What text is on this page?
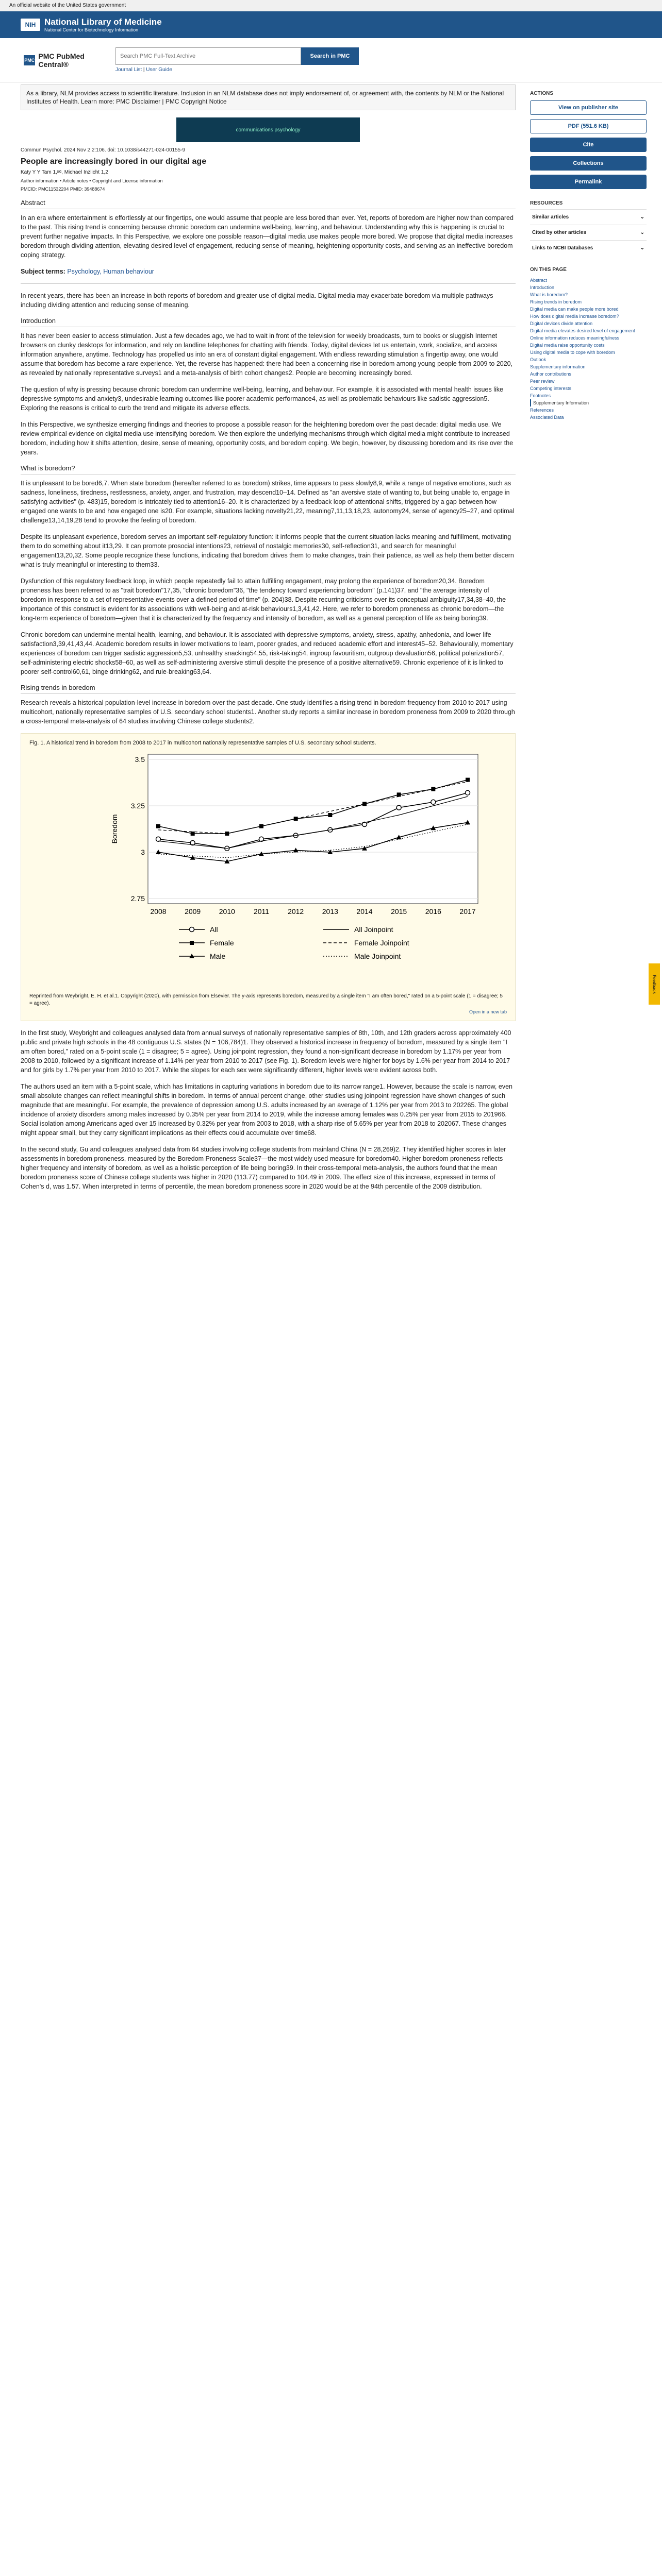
An official website of the United States government
NIH National Library of Medicine
National Center for Biotechnology Information
PMC PMC PubMed Central®
Search PMC Full-Text Archive
Search in PMC
Journal List | User Guide
As a library, NLM provides access to scientific literature. Inclusion in an NLM database does not imply endorsement of, or agreement with, the contents by NLM or the National Institutes of Health. Learn more: PMC Disclaimer | PMC Copyright Notice
communications psychology
Commun Psychol. 2024 Nov 2;2:106. doi: 10.1038/s44271-024-00155-9
People are increasingly bored in our digital age
Katy Y Y Tam 1,✉, Michael Inzlicht 1,2
Author information • Article notes • Copyright and License information
PMCID: PMC11532204 PMID: 39488674
Abstract

In an era where entertainment is effortlessly at our fingertips, one would assume that people are less bored than ever. Yet, reports of boredom are higher now than compared to the past. This rising trend is concerning because chronic boredom can undermine well-being, learning, and behaviour. Understanding why this is happening is crucial to prevent further negative impacts. In this Perspective, we explore one possible reason—digital media use makes people more bored. We propose that digital media increases boredom through dividing attention, elevating desired level of engagement, reducing sense of meaning, heightening opportunity costs, and serving as an ineffective boredom coping strategy.

Subject terms: Psychology, Human behaviour

In recent years, there has been an increase in both reports of boredom and greater use of digital media. Digital media may exacerbate boredom via multiple pathways including dividing attention and reducing sense of meaning.

Introduction

It has never been easier to access stimulation. Just a few decades ago, we had to wait in front of the television for weekly broadcasts, turn to books or sluggish Internet browsers on clunky desktops for information, and rely on landline telephones for chatting with friends. Today, digital devices let us entertain, work, socialize, and access information anywhere, anytime. Technology has propelled us into an era of constant digital engagement. With endless rewarding stimulation a fingertip away, one would assume that boredom has become a rare experience. Yet, the reverse has happened: there had been a concerning rise in boredom among young people from 2009 to 2020, as revealed by nationally representative surveys1 and a meta-analysis of birth cohort changes2. People are becoming increasingly bored.

The question of why is pressing because chronic boredom can undermine well-being, learning, and behaviour. For example, it is associated with mental health issues like depressive symptoms and anxiety3, undesirable learning outcomes like poorer academic performance4, as well as problematic behaviours like sadistic aggression5. Exploring the reasons is critical to curb the trend and mitigate its adverse effects.

In this Perspective, we synthesize emerging findings and theories to propose a possible reason for the heightening boredom over the past decade: digital media use. We review empirical evidence on digital media use intensifying boredom. We then explore the underlying mechanisms through which digital media might contribute to increased boredom, including how it shifts attention, desire, sense of meaning, opportunity costs, and boredom coping. We begin, however, by discussing boredom and its rise over the years.

What is boredom?

It is unpleasant to be bored6,7. When state boredom (hereafter referred to as boredom) strikes, time appears to pass slowly8,9, while a range of negative emotions, such as sadness, loneliness, tiredness, restlessness, anxiety, anger, and frustration, may descend10–14. Defined as "an aversive state of wanting to, but being unable to, engage in satisfying activities" (p. 483)15, boredom is intricately tied to attention16–20. It is characterized by a feedback loop of attentional shifts, triggered by a gap between how engaged one wants to be and how engaged one is20. For example, situations lacking novelty21,22, meaning7,11,13,18,23, autonomy24, sense of agency25–27, and optimal challenge13,14,19,28 tend to provoke the feeling of boredom.

Despite its unpleasant experience, boredom serves an important self-regulatory function: it informs people that the current situation lacks meaning and fulfillment, motivating them to do something about it13,29. It can promote prosocial intentions23, retrieval of nostalgic memories30, self-reflection31, and search for meaningful engagement13,20,32. Some people recognize these functions, indicating that boredom drives them to make changes, train their patience, as well as help them better discern what is truly meaningful or interesting to them33.

Dysfunction of this regulatory feedback loop, in which people repeatedly fail to attain fulfilling engagement, may prolong the experience of boredom20,34. Boredom proneness has been referred to as "trait boredom"17,35, "chronic boredom"36, "the tendency toward experiencing boredom" (p.141)37, and "the average intensity of boredom in response to a set of representative events over a defined period of time" (p. 204)38. Despite recurring criticisms over its conceptual ambiguity17,34,38–40, the importance of this construct is evident for its associations with well-being and at-risk behaviours1,3,41,42. Here, we refer to boredom proneness as chronic boredom—the long-term experience of boredom—given that it is characterized by the frequency and intensity of boredom, as well as a general perception of life as being boring39.

Chronic boredom can undermine mental health, learning, and behaviour. It is associated with depressive symptoms, anxiety, stress, apathy, anhedonia, and lower life satisfaction3,39,41,43,44. Academic boredom results in lower motivations to learn, poorer grades, and reduced academic effort and interest45–52. Behaviourally, momentary experiences of boredom can trigger sadistic aggression5,53, unhealthy snacking54,55, risk-taking54, ingroup favouritism, outgroup devaluation56, political polarization57, self-administering electric shocks58–60, as well as self-administering aversive stimuli despite the presence of a positive alternative59. Chronic experience of it is linked to poorer self-control60,61, binge drinking62, and rule-breaking63,64.

Rising trends in boredom

Research reveals a historical population-level increase in boredom over the past decade. One study identifies a rising trend in boredom frequency from 2010 to 2017 using multicohort, nationally representative samples of U.S. secondary school students1. Another study reports a similar increase in boredom proneness from 2009 to 2020 through a cross-temporal meta-analysis of 64 studies involving Chinese college students2.

Fig. 1. A historical trend in boredom from 2008 to 2017 in multicohort nationally representative samples of U.S. secondary school students.
2.75
3
3.25
3.5
2008	2009	2010	2011	2012	2013	2014	2015	2016	2017
Boredom
All	All Joinpoint
Female	Female Joinpoint
Male	Male Joinpoint
Reprinted from Weybright, E. H. et al.1. Copyright (2020), with permission from Elsevier. The y-axis represents boredom, measured by a single item "I am often bored," rated on a 5-point scale (1 = disagree; 5 = agree).
Open in a new tab

In the first study, Weybright and colleagues analysed data from annual surveys of nationally representative samples of 8th, 10th, and 12th graders across approximately 400 public and private high schools in the 48 contiguous U.S. states (N = 106,784)1. They observed a historical increase in frequency of boredom, measured by a single item "I am often bored," rated on a 5-point scale (1 = disagree; 5 = agree). Using joinpoint regression, they found a non-significant decrease in boredom by 1.17% per year from 2008 to 2010, followed by a significant increase of 1.14% per year from 2010 to 2017 (see Fig. 1). Boredom levels were higher for boys by 1.6% per year from 2014 to 2017 and for girls by 1.7% per year from 2010 to 2017. While the slopes for each sex were significantly different, higher levels were evident across both.

The authors used an item with a 5-point scale, which has limitations in capturing variations in boredom due to its narrow range1. However, because the scale is narrow, even small absolute changes can reflect meaningful shifts in boredom. In terms of annual percent change, other studies using joinpoint regression have shown changes of such magnitude that are meaningful. For example, the prevalence of depression among U.S. adults increased by an average of 1.12% per year from 2013 to 202265. The global incidence of anxiety disorders among males increased by 0.35% per year from 2014 to 2019, while the increase among females was 0.25% per year from 2015 to 201966. Social isolation among Americans aged over 15 increased by 0.32% per year from 2003 to 2018, with a sharp rise of 5.65% per year from 2018 to 202067. These changes might appear small, but they carry significant implications as their effects could accumulate over time68.

In the second study, Gu and colleagues analysed data from 64 studies involving college students from mainland China (N = 28,269)2. They identified higher scores in later assessments in boredom proneness, measured by the Boredom Proneness Scale37—the most widely used measure for boredom40. Higher boredom proneness reflects higher frequency and intensity of boredom, as well as a holistic perception of life being boring39. In their cross-temporal meta-analysis, the authors found that the mean boredom proneness score of Chinese college students was higher in 2020 (113.77) compared to 104.49 in 2009. The effect size of this increase, expressed in terms of Cohen's d, was 1.57. When interpreted in terms of percentile, the mean boredom proneness score in 2020 would be at the 94th percentile of the 2009 distribution.

ACTIONS
View on publisher site
PDF (551.6 KB)
Cite
Collections
Permalink
RESOURCES
Similar articles	⌄
Cited by other articles	⌄
Links to NCBI Databases	⌄
ON THIS PAGE
Abstract
Introduction
What is boredom?
Rising trends in boredom
Digital media can make people more bored
How does digital media increase boredom?
Digital devices divide attention
Digital media elevates desired level of engagement
Online information reduces meaningfulness
Digital media raise opportunity costs
Using digital media to cope with boredom
Outlook
Supplementary information
Author contributions
Peer review
Competing interests
Footnotes
Supplementary Information
References
Associated Data
Feedback
